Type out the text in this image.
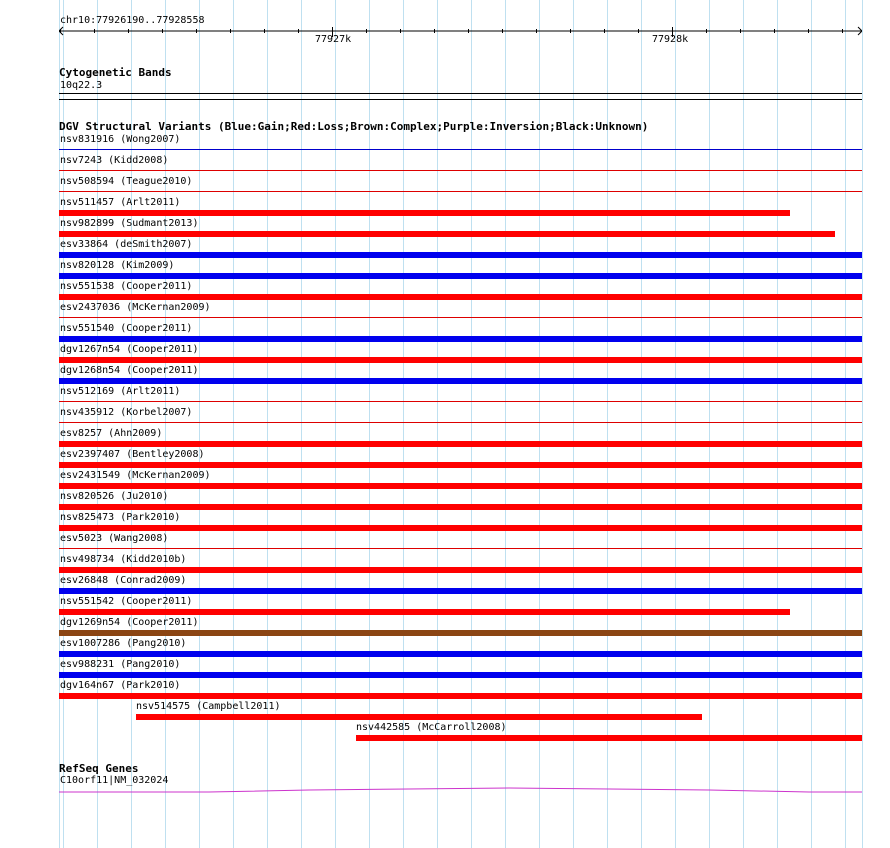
chr10:77926190..77928558
77927k	77928k
Cytogenetic Bands
10q22.3
DGV Structural Variants (Blue:Gain;Red:Loss;Brown:Complex;Purple:Inversion;Black:Unknown)
nsv831916 (Wong2007)
nsv7243 (Kidd2008)
nsv508594 (Teague2010)
nsv511457 (Arlt2011)
nsv982899 (Sudmant2013)
esv33864 (deSmith2007)
nsv820128 (Kim2009)
nsv551538 (Cooper2011)
esv2437036 (McKernan2009)
nsv551540 (Cooper2011)
dgv1267n54 (Cooper2011)
dgv1268n54 (Cooper2011)
nsv512169 (Arlt2011)
nsv435912 (Korbel2007)
esv8257 (Ahn2009)
esv2397407 (Bentley2008)
esv2431549 (McKernan2009)
nsv820526 (Ju2010)
nsv825473 (Park2010)
esv5023 (Wang2008)
nsv498734 (Kidd2010b)
esv26848 (Conrad2009)
nsv551542 (Cooper2011)
dgv1269n54 (Cooper2011)
esv1007286 (Pang2010)
esv988231 (Pang2010)
dgv164n67 (Park2010)
nsv514575 (Campbell2011)
nsv442585 (McCarroll2008)
RefSeq Genes
C10orf11|NM_032024
